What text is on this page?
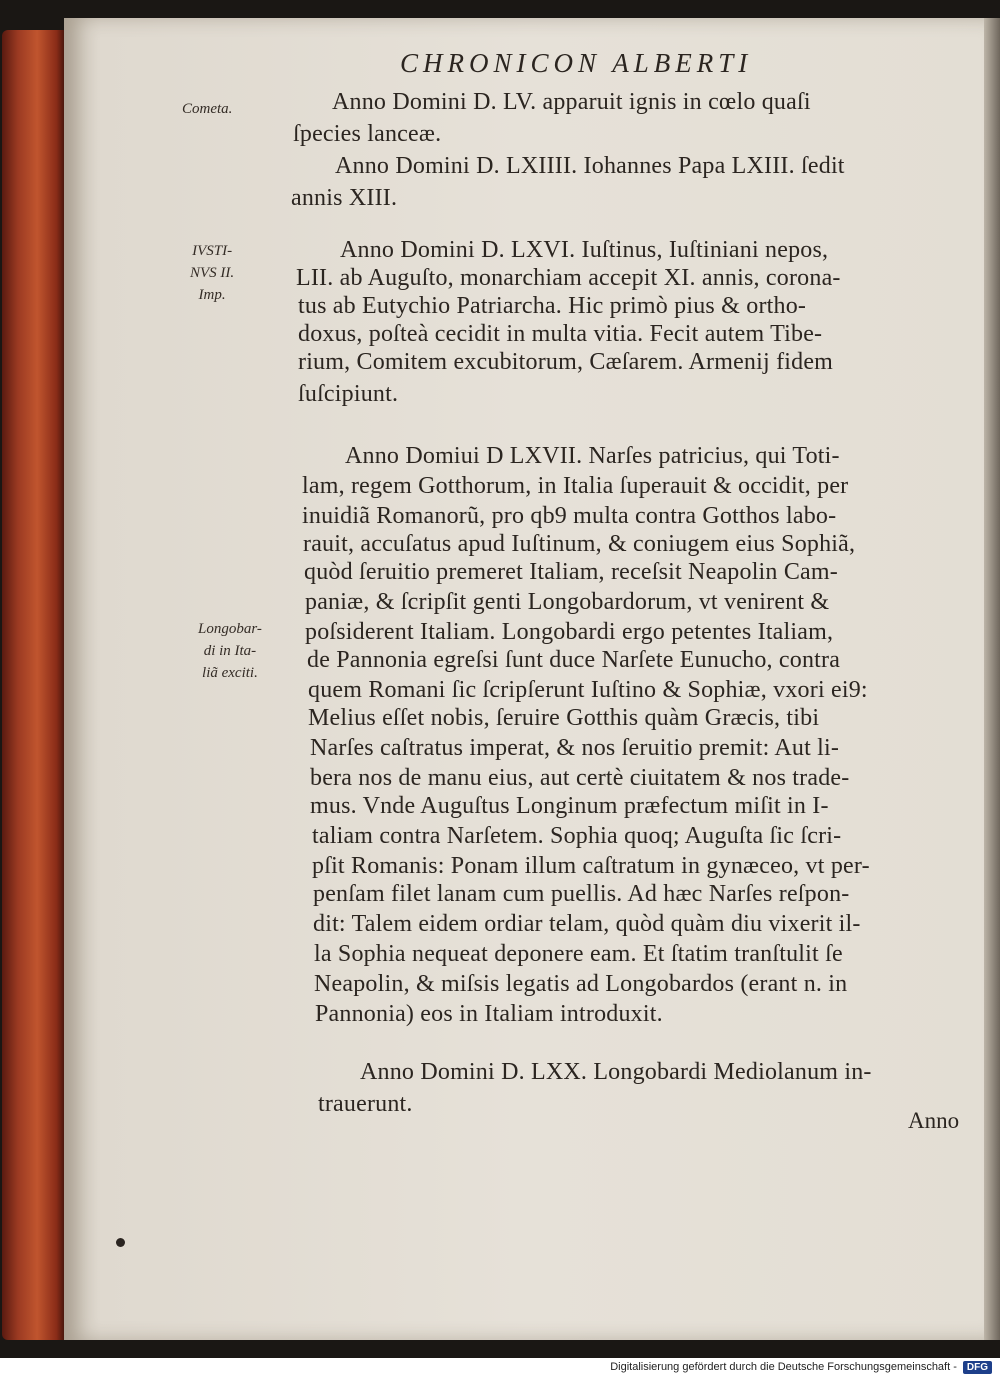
CHRONICON ALBERTI
Cometa.
IVSTI-
NVS II.
Imp.
Longobar-
di in Ita-
liã exciti.
Anno Domini D. LV. apparuit ignis in cœlo quaſi
ſpecies lanceæ.
Anno Domini D. LXIIII. Iohannes Papa LXIII. ſedit
annis XIII.
Anno Domini D. LXVI. Iuſtinus, Iuſtiniani nepos,
LII. ab Auguſto, monarchiam accepit XI. annis, corona-
tus ab Eutychio Patriarcha. Hic primò pius & ortho-
doxus, poſteà cecidit in multa vitia. Fecit autem Tibe-
rium, Comitem excubitorum, Cæſarem. Armenij fidem
ſuſcipiunt.
Anno Domiui D LXVII. Narſes patricius, qui Toti-
lam, regem Gotthorum, in Italia ſuperauit & occidit, per
inuidiã Romanorũ, pro qb9 multa contra Gotthos labo-
rauit, accuſatus apud Iuſtinum, & coniugem eius Sophiã,
quòd ſeruitio premeret Italiam, receſsit Neapolin Cam-
paniæ, & ſcripſit genti Longobardorum, vt venirent &
poſsiderent Italiam. Longobardi ergo petentes Italiam,
de Pannonia egreſsi ſunt duce Narſete Eunucho, contra
quem Romani ſic ſcripſerunt Iuſtino & Sophiæ, vxori ei9:
Melius eſſet nobis, ſeruire Gotthis quàm Græcis, tibi
Narſes caſtratus imperat, & nos ſeruitio premit: Aut li-
bera nos de manu eius, aut certè ciuitatem & nos trade-
mus. Vnde Auguſtus Longinum præfectum miſit in I-
taliam contra Narſetem. Sophia quoq; Auguſta ſic ſcri-
pſit Romanis: Ponam illum caſtratum in gynæceo, vt per-
penſam filet lanam cum puellis. Ad hæc Narſes reſpon-
dit: Talem eidem ordiar telam, quòd quàm diu vixerit il-
la Sophia nequeat deponere eam. Et ſtatim tranſtulit ſe
Neapolin, & miſsis legatis ad Longobardos (erant n. in
Pannonia) eos in Italiam introduxit.
Anno Domini D. LXX. Longobardi Mediolanum in-
trauerunt.
Anno
Digitalisierung gefördert durch die Deutsche Forschungsgemeinschaft -	DFG
